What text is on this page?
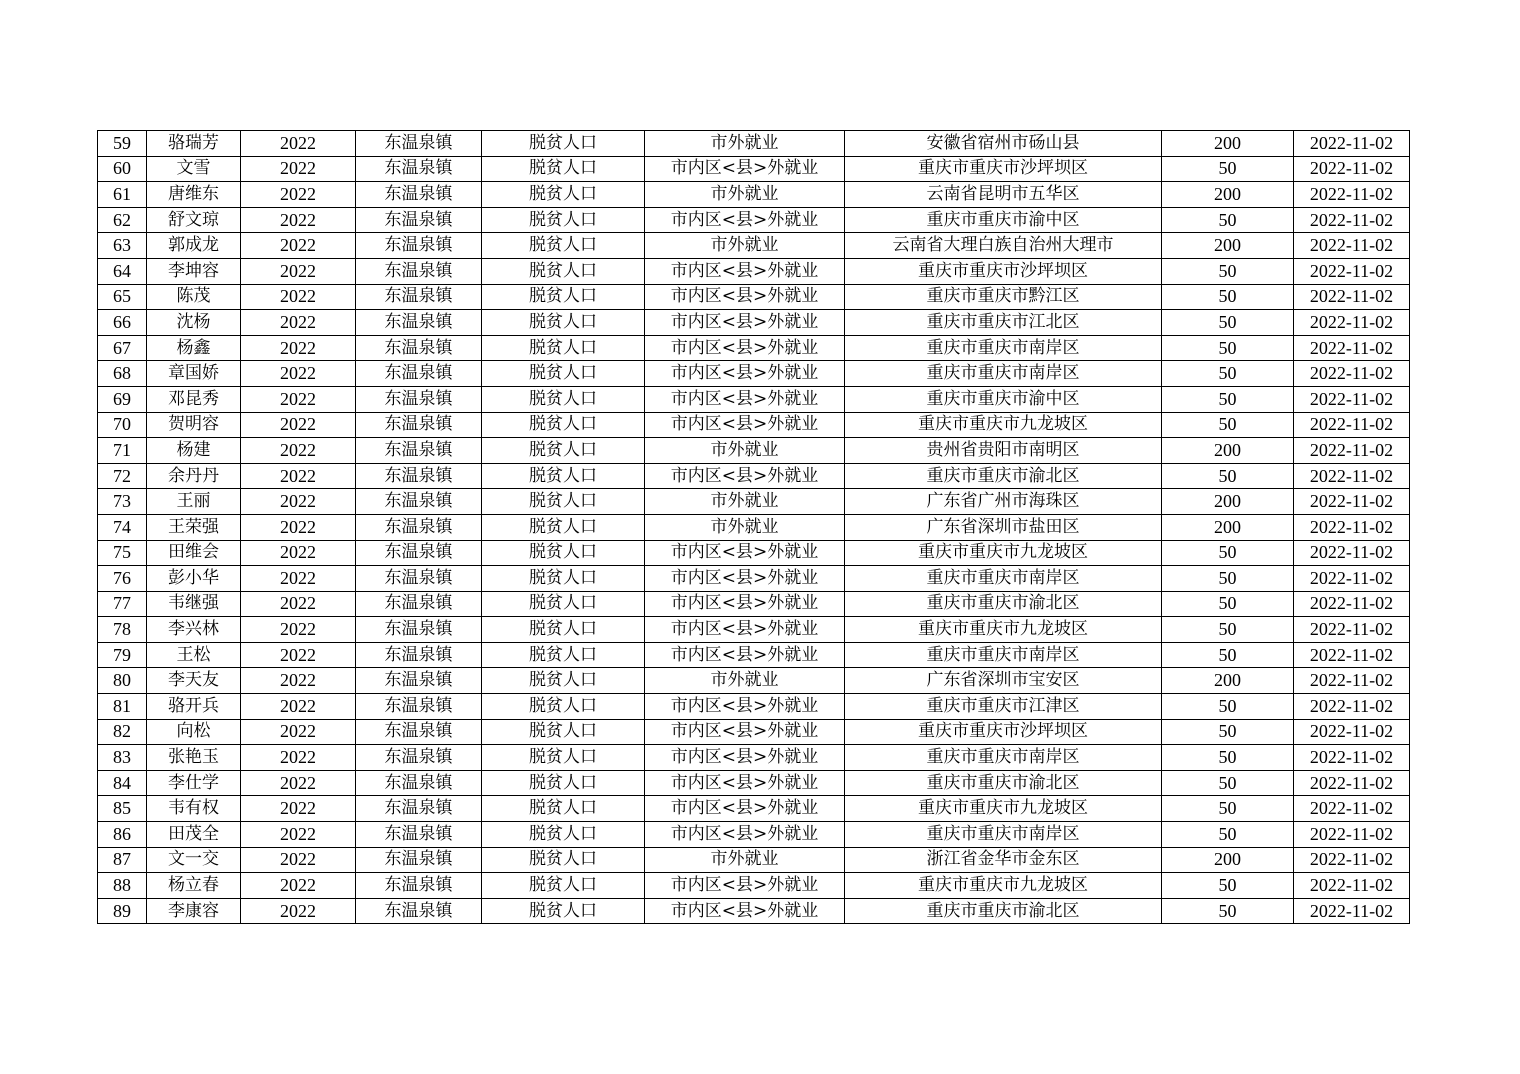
59	骆瑞芳	2022	东温泉镇	脱贫人口	市外就业	安徽省宿州市砀山县	200	2022-11-02
60	文雪	2022	东温泉镇	脱贫人口	市内区<县>外就业	重庆市重庆市沙坪坝区	50	2022-11-02
61	唐维东	2022	东温泉镇	脱贫人口	市外就业	云南省昆明市五华区	200	2022-11-02
62	舒文琼	2022	东温泉镇	脱贫人口	市内区<县>外就业	重庆市重庆市渝中区	50	2022-11-02
63	郭成龙	2022	东温泉镇	脱贫人口	市外就业	云南省大理白族自治州大理市	200	2022-11-02
64	李坤容	2022	东温泉镇	脱贫人口	市内区<县>外就业	重庆市重庆市沙坪坝区	50	2022-11-02
65	陈茂	2022	东温泉镇	脱贫人口	市内区<县>外就业	重庆市重庆市黔江区	50	2022-11-02
66	沈杨	2022	东温泉镇	脱贫人口	市内区<县>外就业	重庆市重庆市江北区	50	2022-11-02
67	杨鑫	2022	东温泉镇	脱贫人口	市内区<县>外就业	重庆市重庆市南岸区	50	2022-11-02
68	章国娇	2022	东温泉镇	脱贫人口	市内区<县>外就业	重庆市重庆市南岸区	50	2022-11-02
69	邓昆秀	2022	东温泉镇	脱贫人口	市内区<县>外就业	重庆市重庆市渝中区	50	2022-11-02
70	贺明容	2022	东温泉镇	脱贫人口	市内区<县>外就业	重庆市重庆市九龙坡区	50	2022-11-02
71	杨建	2022	东温泉镇	脱贫人口	市外就业	贵州省贵阳市南明区	200	2022-11-02
72	余丹丹	2022	东温泉镇	脱贫人口	市内区<县>外就业	重庆市重庆市渝北区	50	2022-11-02
73	王丽	2022	东温泉镇	脱贫人口	市外就业	广东省广州市海珠区	200	2022-11-02
74	王荣强	2022	东温泉镇	脱贫人口	市外就业	广东省深圳市盐田区	200	2022-11-02
75	田维会	2022	东温泉镇	脱贫人口	市内区<县>外就业	重庆市重庆市九龙坡区	50	2022-11-02
76	彭小华	2022	东温泉镇	脱贫人口	市内区<县>外就业	重庆市重庆市南岸区	50	2022-11-02
77	韦继强	2022	东温泉镇	脱贫人口	市内区<县>外就业	重庆市重庆市渝北区	50	2022-11-02
78	李兴林	2022	东温泉镇	脱贫人口	市内区<县>外就业	重庆市重庆市九龙坡区	50	2022-11-02
79	王松	2022	东温泉镇	脱贫人口	市内区<县>外就业	重庆市重庆市南岸区	50	2022-11-02
80	李天友	2022	东温泉镇	脱贫人口	市外就业	广东省深圳市宝安区	200	2022-11-02
81	骆开兵	2022	东温泉镇	脱贫人口	市内区<县>外就业	重庆市重庆市江津区	50	2022-11-02
82	向松	2022	东温泉镇	脱贫人口	市内区<县>外就业	重庆市重庆市沙坪坝区	50	2022-11-02
83	张艳玉	2022	东温泉镇	脱贫人口	市内区<县>外就业	重庆市重庆市南岸区	50	2022-11-02
84	李仕学	2022	东温泉镇	脱贫人口	市内区<县>外就业	重庆市重庆市渝北区	50	2022-11-02
85	韦有权	2022	东温泉镇	脱贫人口	市内区<县>外就业	重庆市重庆市九龙坡区	50	2022-11-02
86	田茂全	2022	东温泉镇	脱贫人口	市内区<县>外就业	重庆市重庆市南岸区	50	2022-11-02
87	文一交	2022	东温泉镇	脱贫人口	市外就业	浙江省金华市金东区	200	2022-11-02
88	杨立春	2022	东温泉镇	脱贫人口	市内区<县>外就业	重庆市重庆市九龙坡区	50	2022-11-02
89	李康容	2022	东温泉镇	脱贫人口	市内区<县>外就业	重庆市重庆市渝北区	50	2022-11-02
